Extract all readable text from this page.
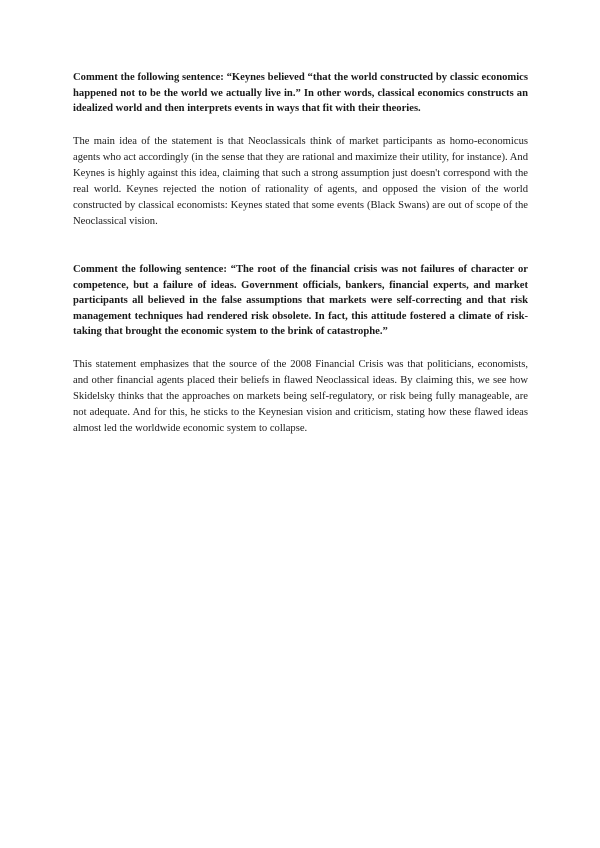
Comment the following sentence: “Keynes believed “that the world constructed by classic economics happened not to be the world we actually live in.” In other words, classical economics constructs an idealized world and then interprets events in ways that fit with their theories.

The main idea of the statement is that Neoclassicals think of market participants as homo-economicus agents who act accordingly (in the sense that they are rational and maximize their utility, for instance). And Keynes is highly against this idea, claiming that such a strong assumption just doesn't correspond with the real world. Keynes rejected the notion of rationality of agents, and opposed the vision of the world constructed by classical economists: Keynes stated that some events (Black Swans) are out of scope of the Neoclassical vision.

Comment the following sentence: “The root of the financial crisis was not failures of character or competence, but a failure of ideas. Government officials, bankers, financial experts, and market participants all believed in the false assumptions that markets were self-correcting and that risk management techniques had rendered risk obsolete. In fact, this attitude fostered a climate of risk-taking that brought the economic system to the brink of catastrophe.”

This statement emphasizes that the source of the 2008 Financial Crisis was that politicians, economists, and other financial agents placed their beliefs in flawed Neoclassical ideas. By claiming this, we see how Skidelsky thinks that the approaches on markets being self-regulatory, or risk being fully manageable, are not adequate. And for this, he sticks to the Keynesian vision and criticism, stating how these flawed ideas almost led the worldwide economic system to collapse.
